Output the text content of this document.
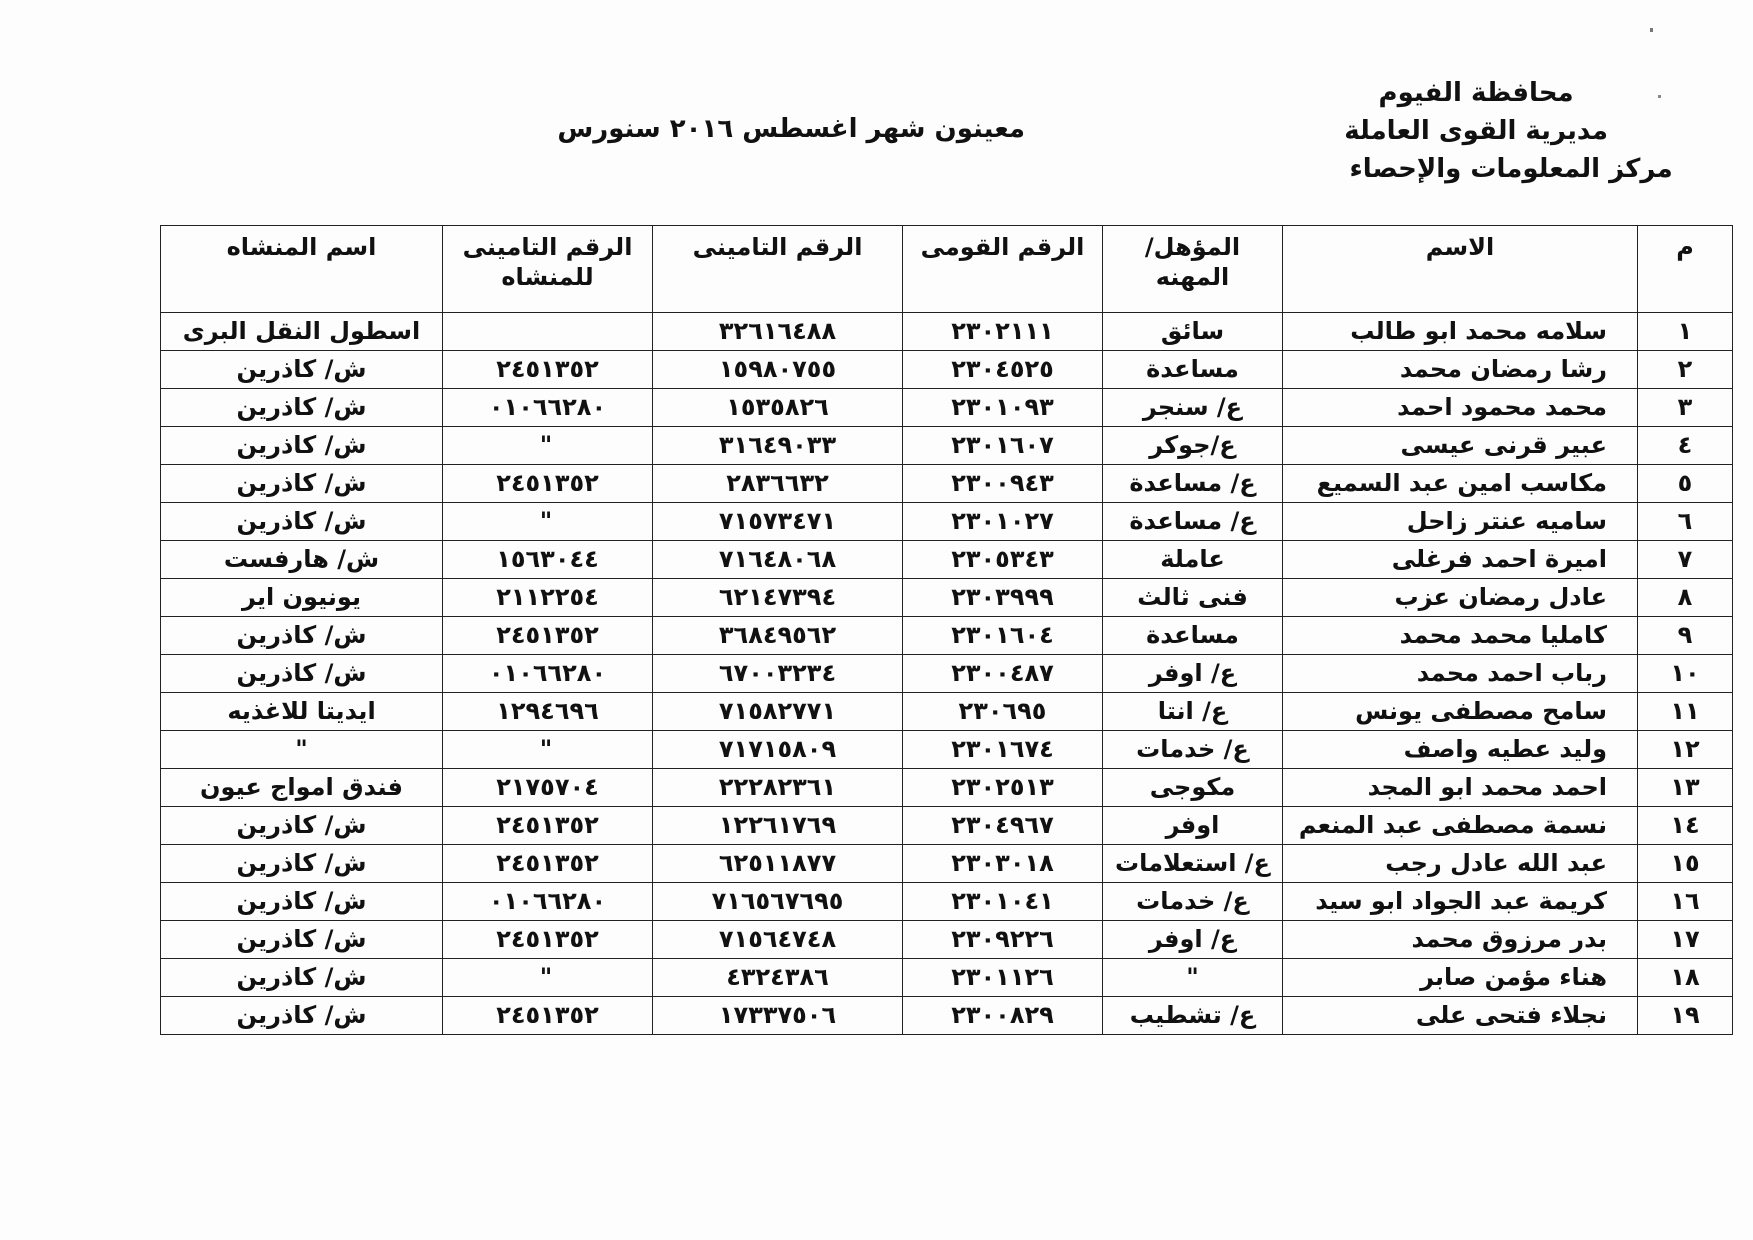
محافظة الفيوم
مديرية القوى العاملة
مركز المعلومات والإحصاء
معينون شهر اغسطس ٢٠١٦ سنورس
م	الاسم	المؤهل/المهنه	الرقم القومى	الرقم التامينى	الرقم التامينى للمنشاه	اسم المنشاه
١	سلامه محمد ابو طالب	سائق	٢٣٠٢١١١	٣٢٦١٦٤٨٨		اسطول النقل البرى
٢	رشا رمضان محمد	مساعدة	٢٣٠٤٥٢٥	١٥٩٨٠٧٥٥	٢٤٥١٣٥٢	ش/ كاذرين
٣	محمد محمود احمد	ع/ سنجر	٢٣٠١٠٩٣	١٥٣٥٨٢٦	٠١٠٦٦٢٨٠	ش/ كاذرين
٤	عبير قرنى عيسى	ع/جوكر	٢٣٠١٦٠٧	٣١٦٤٩٠٣٣	"	ش/ كاذرين
٥	مكاسب امين عبد السميع	ع/ مساعدة	٢٣٠٠٩٤٣	٢٨٣٦٦٣٢	٢٤٥١٣٥٢	ش/ كاذرين
٦	ساميه عنتر زاحل	ع/ مساعدة	٢٣٠١٠٢٧	٧١٥٧٣٤٧١	"	ش/ كاذرين
٧	اميرة احمد فرغلى	عاملة	٢٣٠٥٣٤٣	٧١٦٤٨٠٦٨	١٥٦٣٠٤٤	ش/ هارفست
٨	عادل رمضان عزب	فنى ثالث	٢٣٠٣٩٩٩	٦٢١٤٧٣٩٤	٢١١٢٢٥٤	يونيون اير
٩	كامليا محمد محمد	مساعدة	٢٣٠١٦٠٤	٣٦٨٤٩٥٦٢	٢٤٥١٣٥٢	ش/ كاذرين
١٠	رباب احمد محمد	ع/ اوفر	٢٣٠٠٤٨٧	٦٧٠٠٣٢٣٤	٠١٠٦٦٢٨٠	ش/ كاذرين
١١	سامح مصطفى يونس	ع/ انتا	٢٣٠٦٩٥	٧١٥٨٢٧٧١	١٢٩٤٦٩٦	ايديتا للاغذيه
١٢	وليد عطيه واصف	ع/ خدمات	٢٣٠١٦٧٤	٧١٧١٥٨٠٩	"	"
١٣	احمد محمد ابو المجد	مكوجى	٢٣٠٢٥١٣	٢٢٢٨٢٣٦١	٢١٧٥٧٠٤	فندق امواج عيون
١٤	نسمة مصطفى عبد المنعم	اوفر	٢٣٠٤٩٦٧	١٢٢٦١٧٦٩	٢٤٥١٣٥٢	ش/ كاذرين
١٥	عبد الله عادل رجب	ع/ استعلامات	٢٣٠٣٠١٨	٦٢٥١١٨٧٧	٢٤٥١٣٥٢	ش/ كاذرين
١٦	كريمة عبد الجواد ابو سيد	ع/ خدمات	٢٣٠١٠٤١	٧١٦٥٦٧٦٩٥	٠١٠٦٦٢٨٠	ش/ كاذرين
١٧	بدر مرزوق محمد	ع/ اوفر	٢٣٠٩٢٢٦	٧١٥٦٤٧٤٨	٢٤٥١٣٥٢	ش/ كاذرين
١٨	هناء مؤمن صابر	"	٢٣٠١١٢٦	٤٣٢٤٣٨٦	"	ش/ كاذرين
١٩	نجلاء فتحى على	ع/ تشطيب	٢٣٠٠٨٢٩	١٧٣٣٧٥٠٦	٢٤٥١٣٥٢	ش/ كاذرين
